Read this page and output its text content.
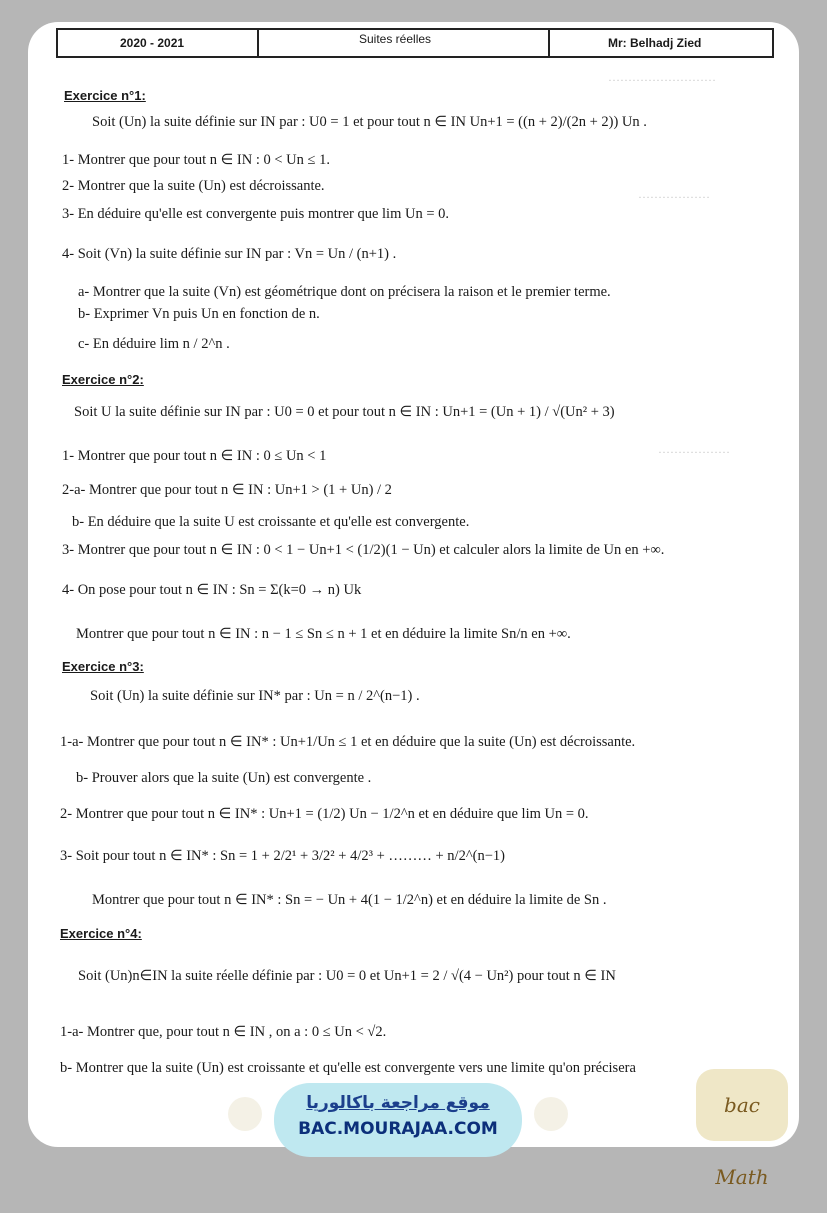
………………………
………………
………………
2020 - 2021	Suites réelles	Mr: Belhadj Zied
Exercice n°1:
Soit (Un) la suite définie sur IN par : U0 = 1 et pour tout n ∈ IN Un+1 = ((n + 2)/(2n + 2)) Un .
1- Montrer que pour tout n ∈ IN : 0 < Un ≤ 1.
2- Montrer que la suite (Un) est décroissante.
3- En déduire qu'elle est convergente puis montrer que lim Un = 0.
4- Soit (Vn) la suite définie sur IN par : Vn = Un / (n+1) .
a- Montrer que la suite (Vn) est géométrique dont on précisera la raison et le premier terme.
b- Exprimer Vn puis Un en fonction de n.
c- En déduire lim n / 2^n .
Exercice n°2:
Soit U la suite définie sur IN par : U0 = 0 et pour tout n ∈ IN : Un+1 = (Un + 1) / √(Un² + 3)
1- Montrer que pour tout n ∈ IN : 0 ≤ Un < 1
2-a- Montrer que pour tout n ∈ IN : Un+1 > (1 + Un) / 2
b- En déduire que la suite U est croissante et qu'elle est convergente.
3- Montrer que pour tout n ∈ IN : 0 < 1 − Un+1 < (1/2)(1 − Un) et calculer alors la limite de Un en +∞.
4- On pose pour tout n ∈ IN : Sn = Σ(k=0 → n) Uk
Montrer que pour tout n ∈ IN : n − 1 ≤ Sn ≤ n + 1 et en déduire la limite Sn/n en +∞.
Exercice n°3:
Soit (Un) la suite définie sur IN* par : Un = n / 2^(n−1) .
1-a- Montrer que pour tout n ∈ IN* : Un+1/Un ≤ 1 et en déduire que la suite (Un) est décroissante.
b- Prouver alors que la suite (Un) est convergente .
2- Montrer que pour tout n ∈ IN* : Un+1 = (1/2) Un − 1/2^n et en déduire que lim Un = 0.
3- Soit pour tout n ∈ IN* : Sn = 1 + 2/2¹ + 3/2² + 4/2³ + ……… + n/2^(n−1)
Montrer que pour tout n ∈ IN* : Sn = − Un + 4(1 − 1/2^n) et en déduire la limite de Sn .
Exercice n°4:
Soit (Un)n∈IN la suite réelle définie par : U0 = 0 et Un+1 = 2 / √(4 − Un²) pour tout n ∈ IN
1-a- Montrer que, pour tout n ∈ IN , on a : 0 ≤ Un < √2.
b- Montrer que la suite (Un) est croissante et qu'elle est convergente vers une limite qu'on précisera
موقع مراجعة باكالوريا
BAC.MOURAJAA.COM
bac Math
